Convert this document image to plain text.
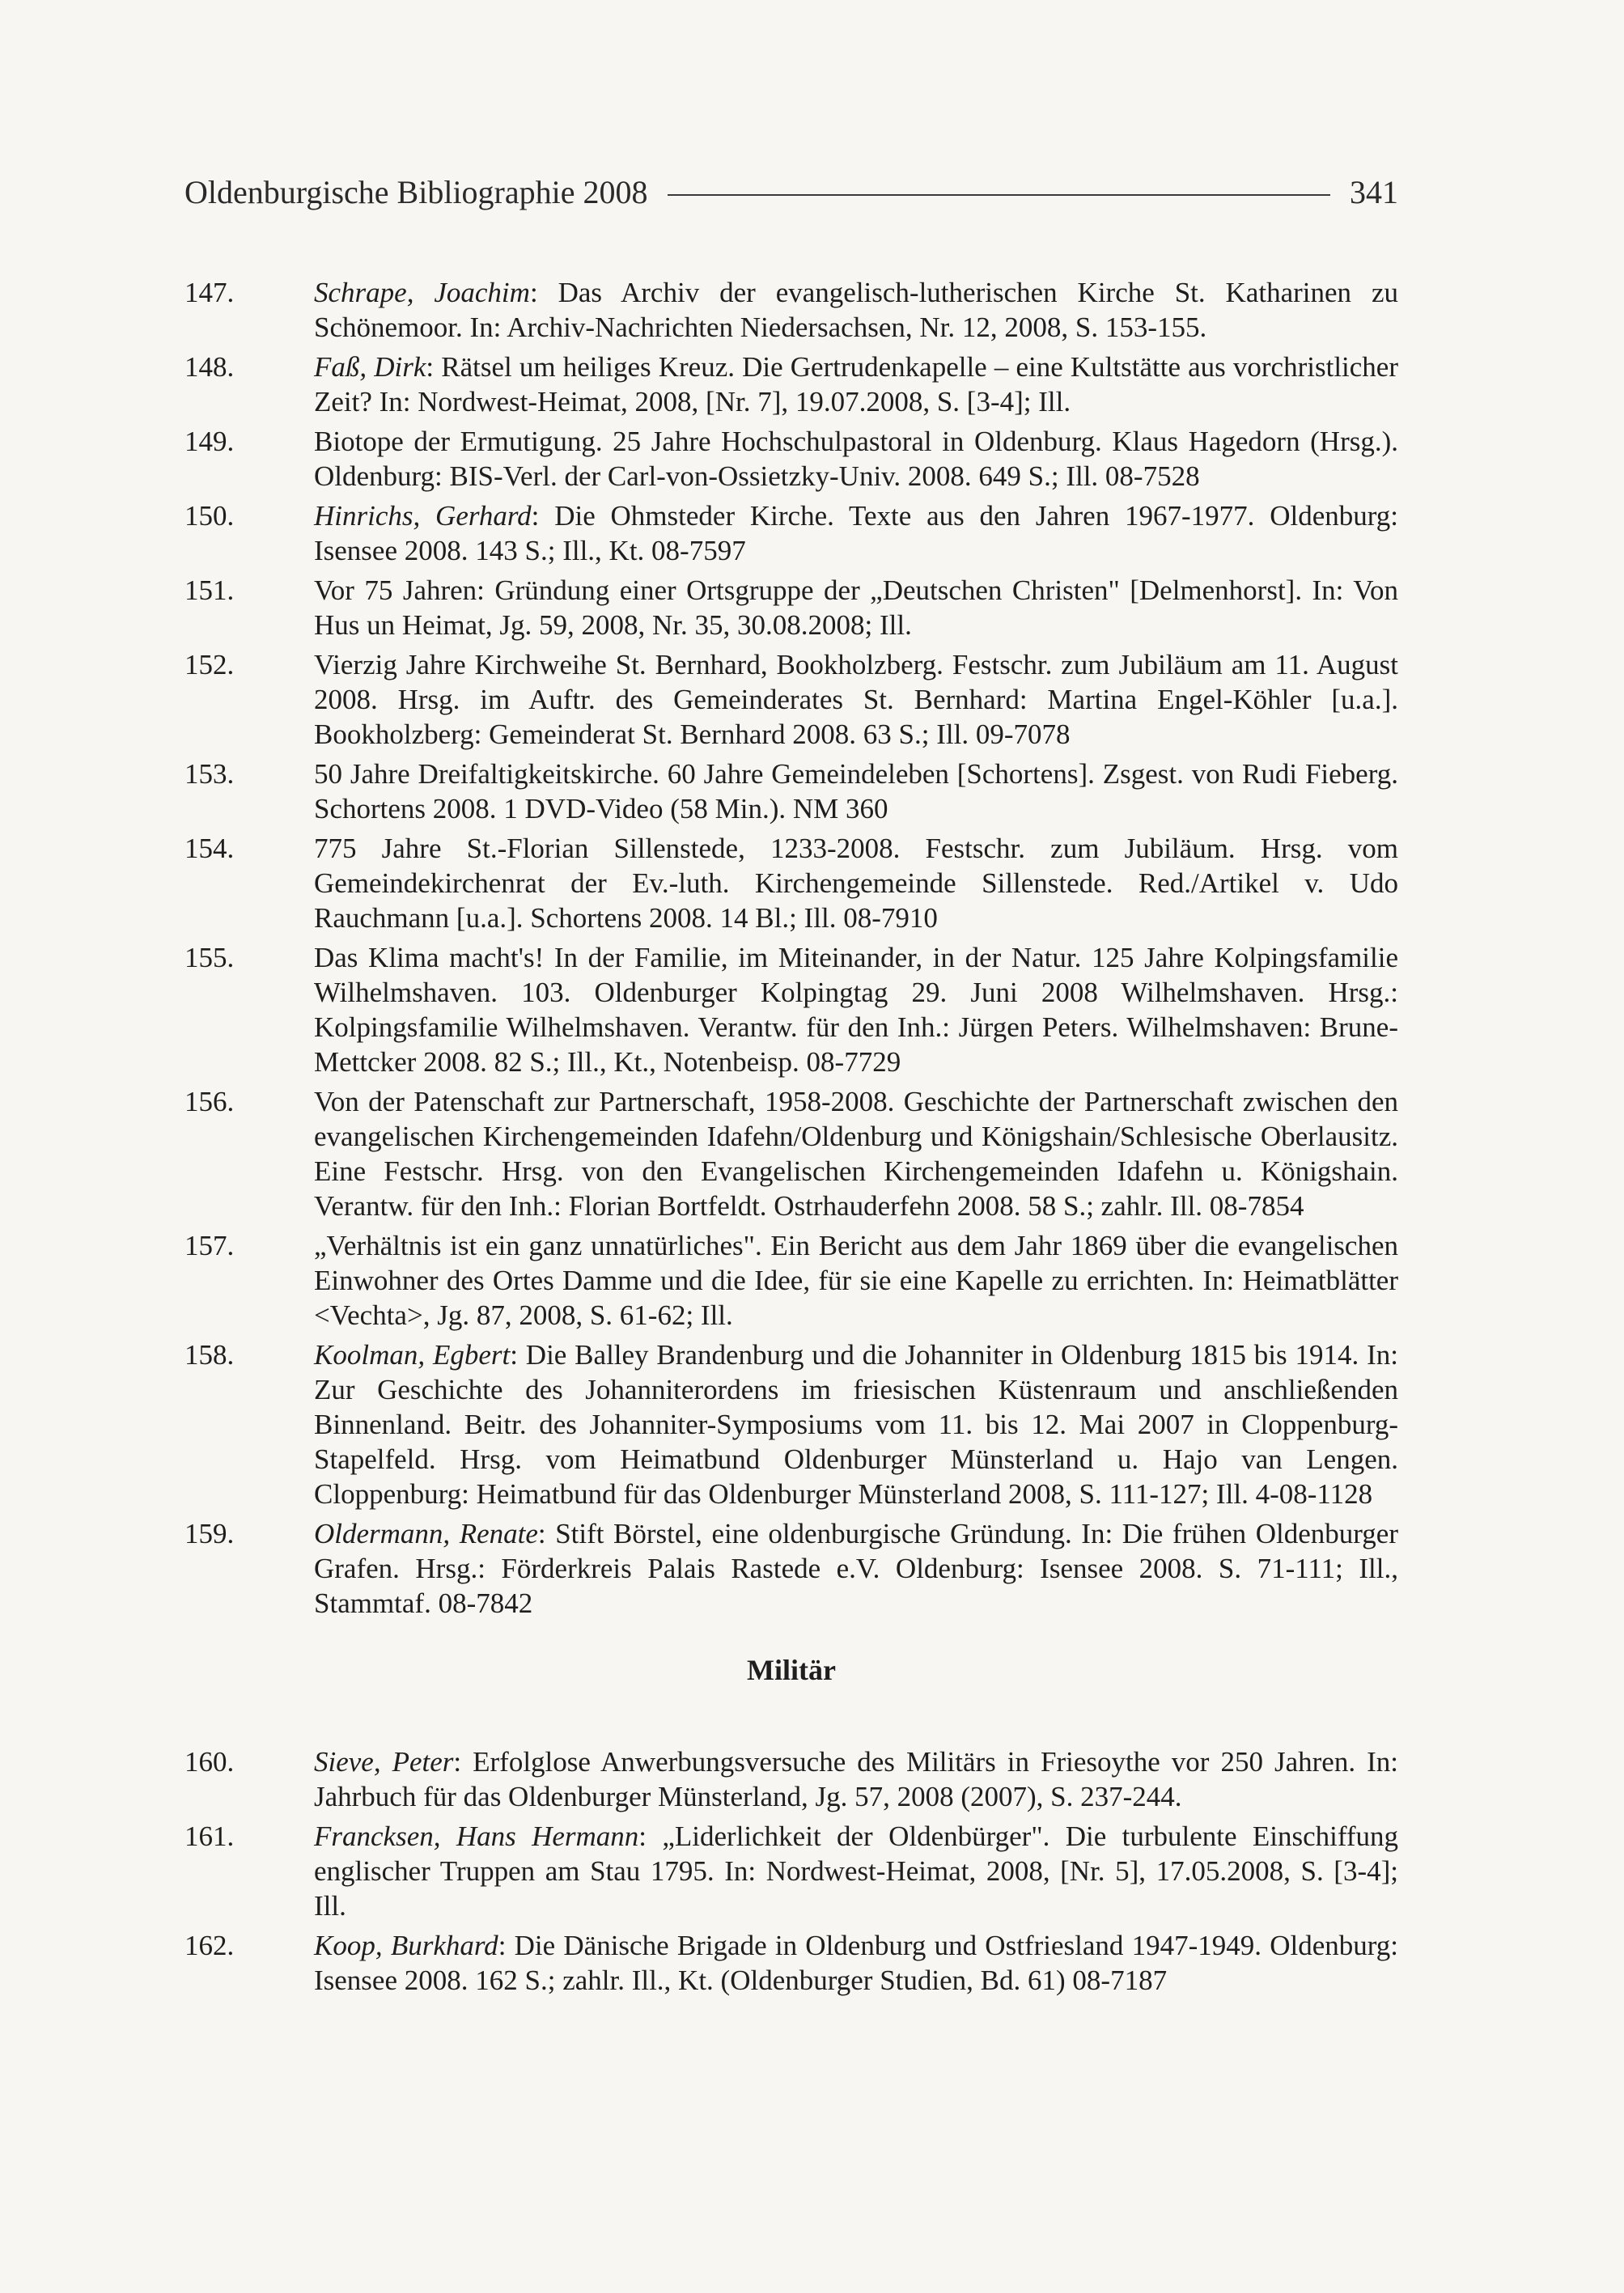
Oldenburgische Bibliographie 2008	341
147.	Schrape, Joachim: Das Archiv der evangelisch-lutherischen Kirche St. Katharinen zu Schönemoor. In: Archiv-Nachrichten Niedersachsen, Nr. 12, 2008, S. 153-155.
148.	Faß, Dirk: Rätsel um heiliges Kreuz. Die Gertrudenkapelle – eine Kultstätte aus vorchristlicher Zeit? In: Nordwest-Heimat, 2008, [Nr. 7], 19.07.2008, S. [3-4]; Ill.
149.	Biotope der Ermutigung. 25 Jahre Hochschulpastoral in Oldenburg. Klaus Hagedorn (Hrsg.). Oldenburg: BIS-Verl. der Carl-von-Ossietzky-Univ. 2008. 649 S.; Ill. 08-7528
150.	Hinrichs, Gerhard: Die Ohmsteder Kirche. Texte aus den Jahren 1967-1977. Oldenburg: Isensee 2008. 143 S.; Ill., Kt. 08-7597
151.	Vor 75 Jahren: Gründung einer Ortsgruppe der „Deutschen Christen" [Delmenhorst]. In: Von Hus un Heimat, Jg. 59, 2008, Nr. 35, 30.08.2008; Ill.
152.	Vierzig Jahre Kirchweihe St. Bernhard, Bookholzberg. Festschr. zum Jubiläum am 11. August 2008. Hrsg. im Auftr. des Gemeinderates St. Bernhard: Martina Engel-Köhler [u.a.]. Bookholzberg: Gemeinderat St. Bernhard 2008. 63 S.; Ill. 09-7078
153.	50 Jahre Dreifaltigkeitskirche. 60 Jahre Gemeindeleben [Schortens]. Zsgest. von Rudi Fieberg. Schortens 2008. 1 DVD-Video (58 Min.). NM 360
154.	775 Jahre St.-Florian Sillenstede, 1233-2008. Festschr. zum Jubiläum. Hrsg. vom Gemeindekirchenrat der Ev.-luth. Kirchengemeinde Sillenstede. Red./Artikel v. Udo Rauchmann [u.a.]. Schortens 2008. 14 Bl.; Ill. 08-7910
155.	Das Klima macht's! In der Familie, im Miteinander, in der Natur. 125 Jahre Kolpingsfamilie Wilhelmshaven. 103. Oldenburger Kolpingtag 29. Juni 2008 Wilhelmshaven. Hrsg.: Kolpingsfamilie Wilhelmshaven. Verantw. für den Inh.: Jürgen Peters. Wilhelmshaven: Brune-Mettcker 2008. 82 S.; Ill., Kt., Notenbeisp. 08-7729
156.	Von der Patenschaft zur Partnerschaft, 1958-2008. Geschichte der Partnerschaft zwischen den evangelischen Kirchengemeinden Idafehn/Oldenburg und Königshain/Schlesische Oberlausitz. Eine Festschr. Hrsg. von den Evangelischen Kirchengemeinden Idafehn u. Königshain. Verantw. für den Inh.: Florian Bortfeldt. Ostrhauderfehn 2008. 58 S.; zahlr. Ill. 08-7854
157.	„Verhältnis ist ein ganz unnatürliches". Ein Bericht aus dem Jahr 1869 über die evangelischen Einwohner des Ortes Damme und die Idee, für sie eine Kapelle zu errichten. In: Heimatblätter <Vechta>, Jg. 87, 2008, S. 61-62; Ill.
158.	Koolman, Egbert: Die Balley Brandenburg und die Johanniter in Oldenburg 1815 bis 1914. In: Zur Geschichte des Johanniterordens im friesischen Küstenraum und anschließenden Binnenland. Beitr. des Johanniter-Symposiums vom 11. bis 12. Mai 2007 in Cloppenburg-Stapelfeld. Hrsg. vom Heimatbund Oldenburger Münsterland u. Hajo van Lengen. Cloppenburg: Heimatbund für das Oldenburger Münsterland 2008, S. 111-127; Ill. 4-08-1128
159.	Oldermann, Renate: Stift Börstel, eine oldenburgische Gründung. In: Die frühen Oldenburger Grafen. Hrsg.: Förderkreis Palais Rastede e.V. Oldenburg: Isensee 2008. S. 71-111; Ill., Stammtaf. 08-7842
Militär
160.	Sieve, Peter: Erfolglose Anwerbungsversuche des Militärs in Friesoythe vor 250 Jahren. In: Jahrbuch für das Oldenburger Münsterland, Jg. 57, 2008 (2007), S. 237-244.
161.	Francksen, Hans Hermann: „Liderlichkeit der Oldenbürger". Die turbulente Einschiffung englischer Truppen am Stau 1795. In: Nordwest-Heimat, 2008, [Nr. 5], 17.05.2008, S. [3-4]; Ill.
162.	Koop, Burkhard: Die Dänische Brigade in Oldenburg und Ostfriesland 1947-1949. Oldenburg: Isensee 2008. 162 S.; zahlr. Ill., Kt. (Oldenburger Studien, Bd. 61) 08-7187
